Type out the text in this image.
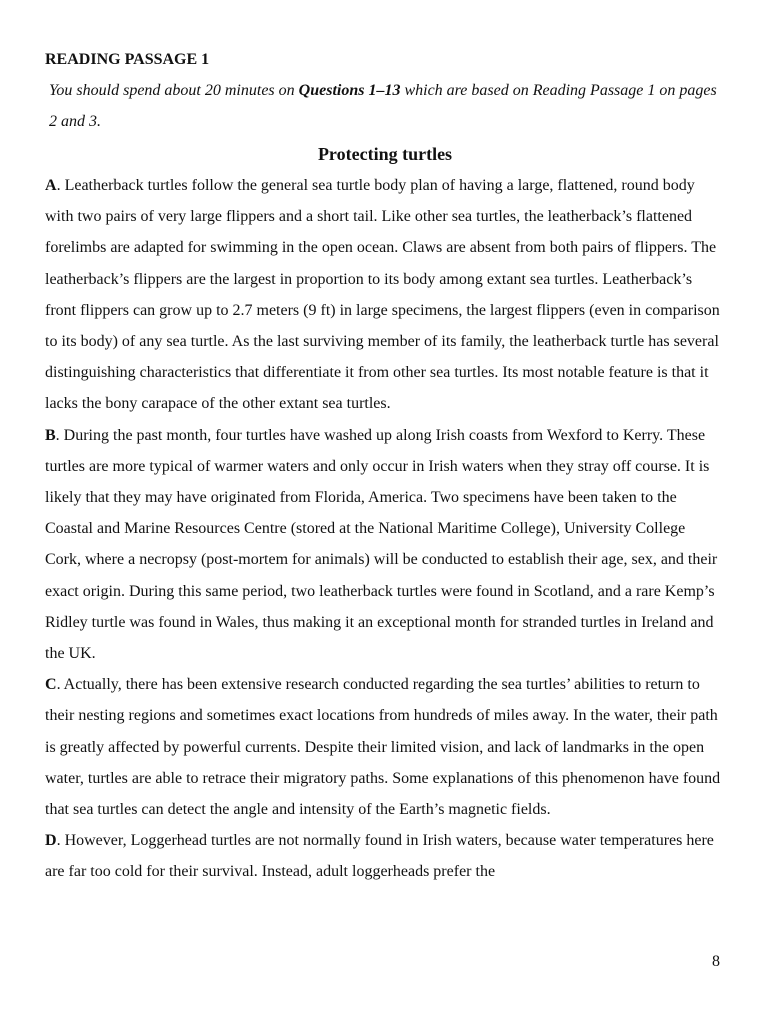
READING PASSAGE 1
You should spend about 20 minutes on Questions 1–13 which are based on Reading Passage 1 on pages 2 and 3.
Protecting turtles
A. Leatherback turtles follow the general sea turtle body plan of having a large, flattened, round body with two pairs of very large flippers and a short tail. Like other sea turtles, the leatherback’s flattened forelimbs are adapted for swimming in the open ocean. Claws are absent from both pairs of flippers. The leatherback’s flippers are the largest in proportion to its body among extant sea turtles. Leatherback’s front flippers can grow up to 2.7 meters (9 ft) in large specimens, the largest flippers (even in comparison to its body) of any sea turtle. As the last surviving member of its family, the leatherback turtle has several distinguishing characteristics that differentiate it from other sea turtles. Its most notable feature is that it lacks the bony carapace of the other extant sea turtles.
B. During the past month, four turtles have washed up along Irish coasts from Wexford to Kerry. These turtles are more typical of warmer waters and only occur in Irish waters when they stray off course. It is likely that they may have originated from Florida, America. Two specimens have been taken to the Coastal and Marine Resources Centre (stored at the National Maritime College), University College Cork, where a necropsy (post-mortem for animals) will be conducted to establish their age, sex, and their exact origin. During this same period, two leatherback turtles were found in Scotland, and a rare Kemp’s Ridley turtle was found in Wales, thus making it an exceptional month for stranded turtles in Ireland and the UK.
C. Actually, there has been extensive research conducted regarding the sea turtles’ abilities to return to their nesting regions and sometimes exact locations from hundreds of miles away. In the water, their path is greatly affected by powerful currents. Despite their limited vision, and lack of landmarks in the open water, turtles are able to retrace their migratory paths. Some explanations of this phenomenon have found that sea turtles can detect the angle and intensity of the Earth’s magnetic fields.
D. However, Loggerhead turtles are not normally found in Irish waters, because water temperatures here are far too cold for their survival. Instead, adult loggerheads prefer the
8
